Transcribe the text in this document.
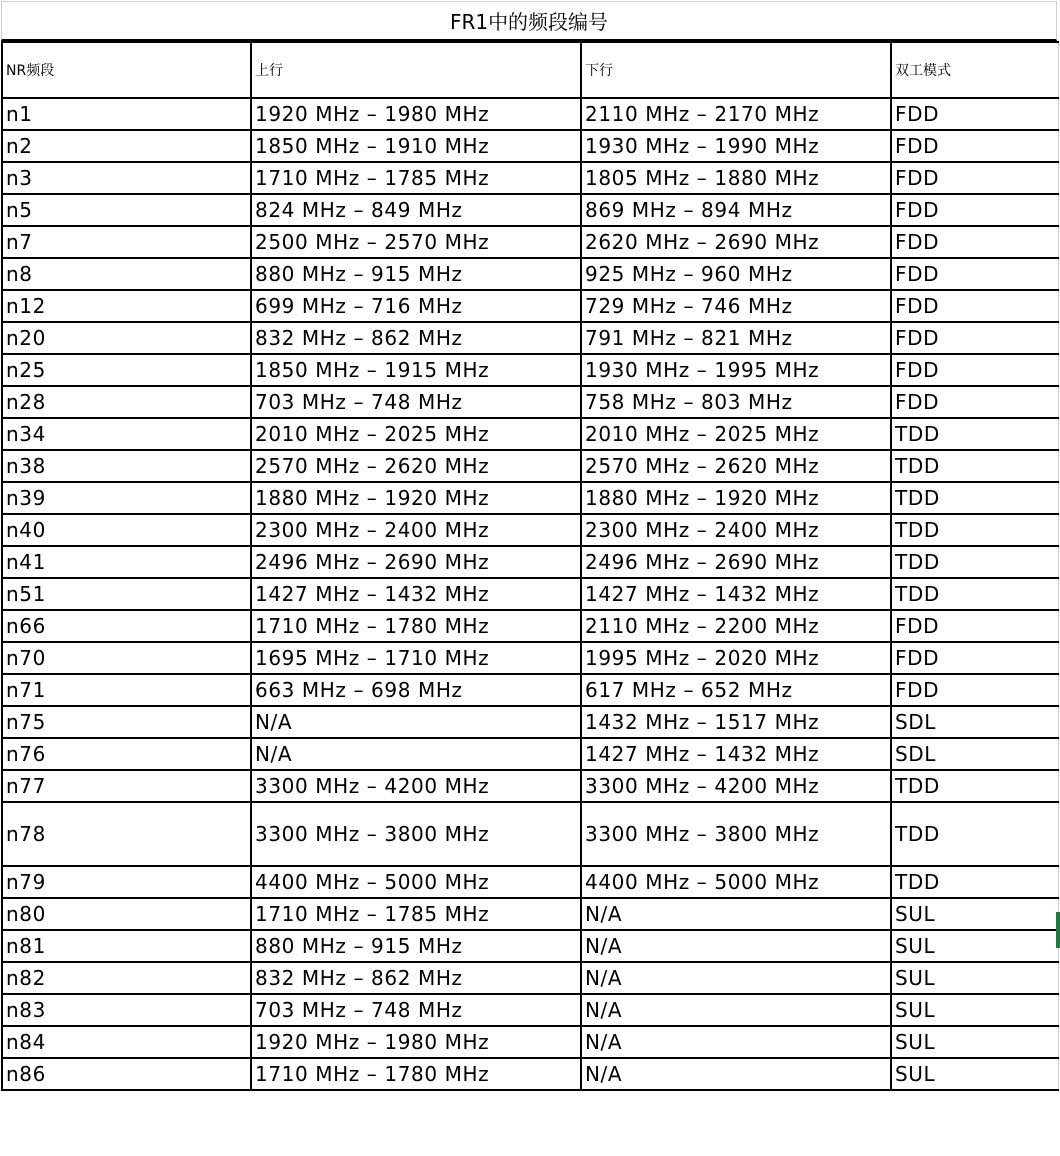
FR1中的频段编号
NR频段	上行	下行	双工模式
n1	1920 MHz – 1980 MHz	2110 MHz – 2170 MHz	FDD
n2	1850 MHz – 1910 MHz	1930 MHz – 1990 MHz	FDD
n3	1710 MHz – 1785 MHz	1805 MHz – 1880 MHz	FDD
n5	824 MHz – 849 MHz	869 MHz – 894 MHz	FDD
n7	2500 MHz – 2570 MHz	2620 MHz – 2690 MHz	FDD
n8	880 MHz – 915 MHz	925 MHz – 960 MHz	FDD
n12	699 MHz – 716 MHz	729 MHz – 746 MHz	FDD
n20	832 MHz – 862 MHz	791 MHz – 821 MHz	FDD
n25	1850 MHz – 1915 MHz	1930 MHz – 1995 MHz	FDD
n28	703 MHz – 748 MHz	758 MHz – 803 MHz	FDD
n34	2010 MHz – 2025 MHz	2010 MHz – 2025 MHz	TDD
n38	2570 MHz – 2620 MHz	2570 MHz – 2620 MHz	TDD
n39	1880 MHz – 1920 MHz	1880 MHz – 1920 MHz	TDD
n40	2300 MHz – 2400 MHz	2300 MHz – 2400 MHz	TDD
n41	2496 MHz – 2690 MHz	2496 MHz – 2690 MHz	TDD
n51	1427 MHz – 1432 MHz	1427 MHz – 1432 MHz	TDD
n66	1710 MHz – 1780 MHz	2110 MHz – 2200 MHz	FDD
n70	1695 MHz – 1710 MHz	1995 MHz – 2020 MHz	FDD
n71	663 MHz – 698 MHz	617 MHz – 652 MHz	FDD
n75	N/A	1432 MHz – 1517 MHz	SDL
n76	N/A	1427 MHz – 1432 MHz	SDL
n77	3300 MHz – 4200 MHz	3300 MHz – 4200 MHz	TDD
n78	3300 MHz – 3800 MHz	3300 MHz – 3800 MHz	TDD
n79	4400 MHz – 5000 MHz	4400 MHz – 5000 MHz	TDD
n80	1710 MHz – 1785 MHz	N/A	SUL
n81	880 MHz – 915 MHz	N/A	SUL
n82	832 MHz – 862 MHz	N/A	SUL
n83	703 MHz – 748 MHz	N/A	SUL
n84	1920 MHz – 1980 MHz	N/A	SUL
n86	1710 MHz – 1780 MHz	N/A	SUL
